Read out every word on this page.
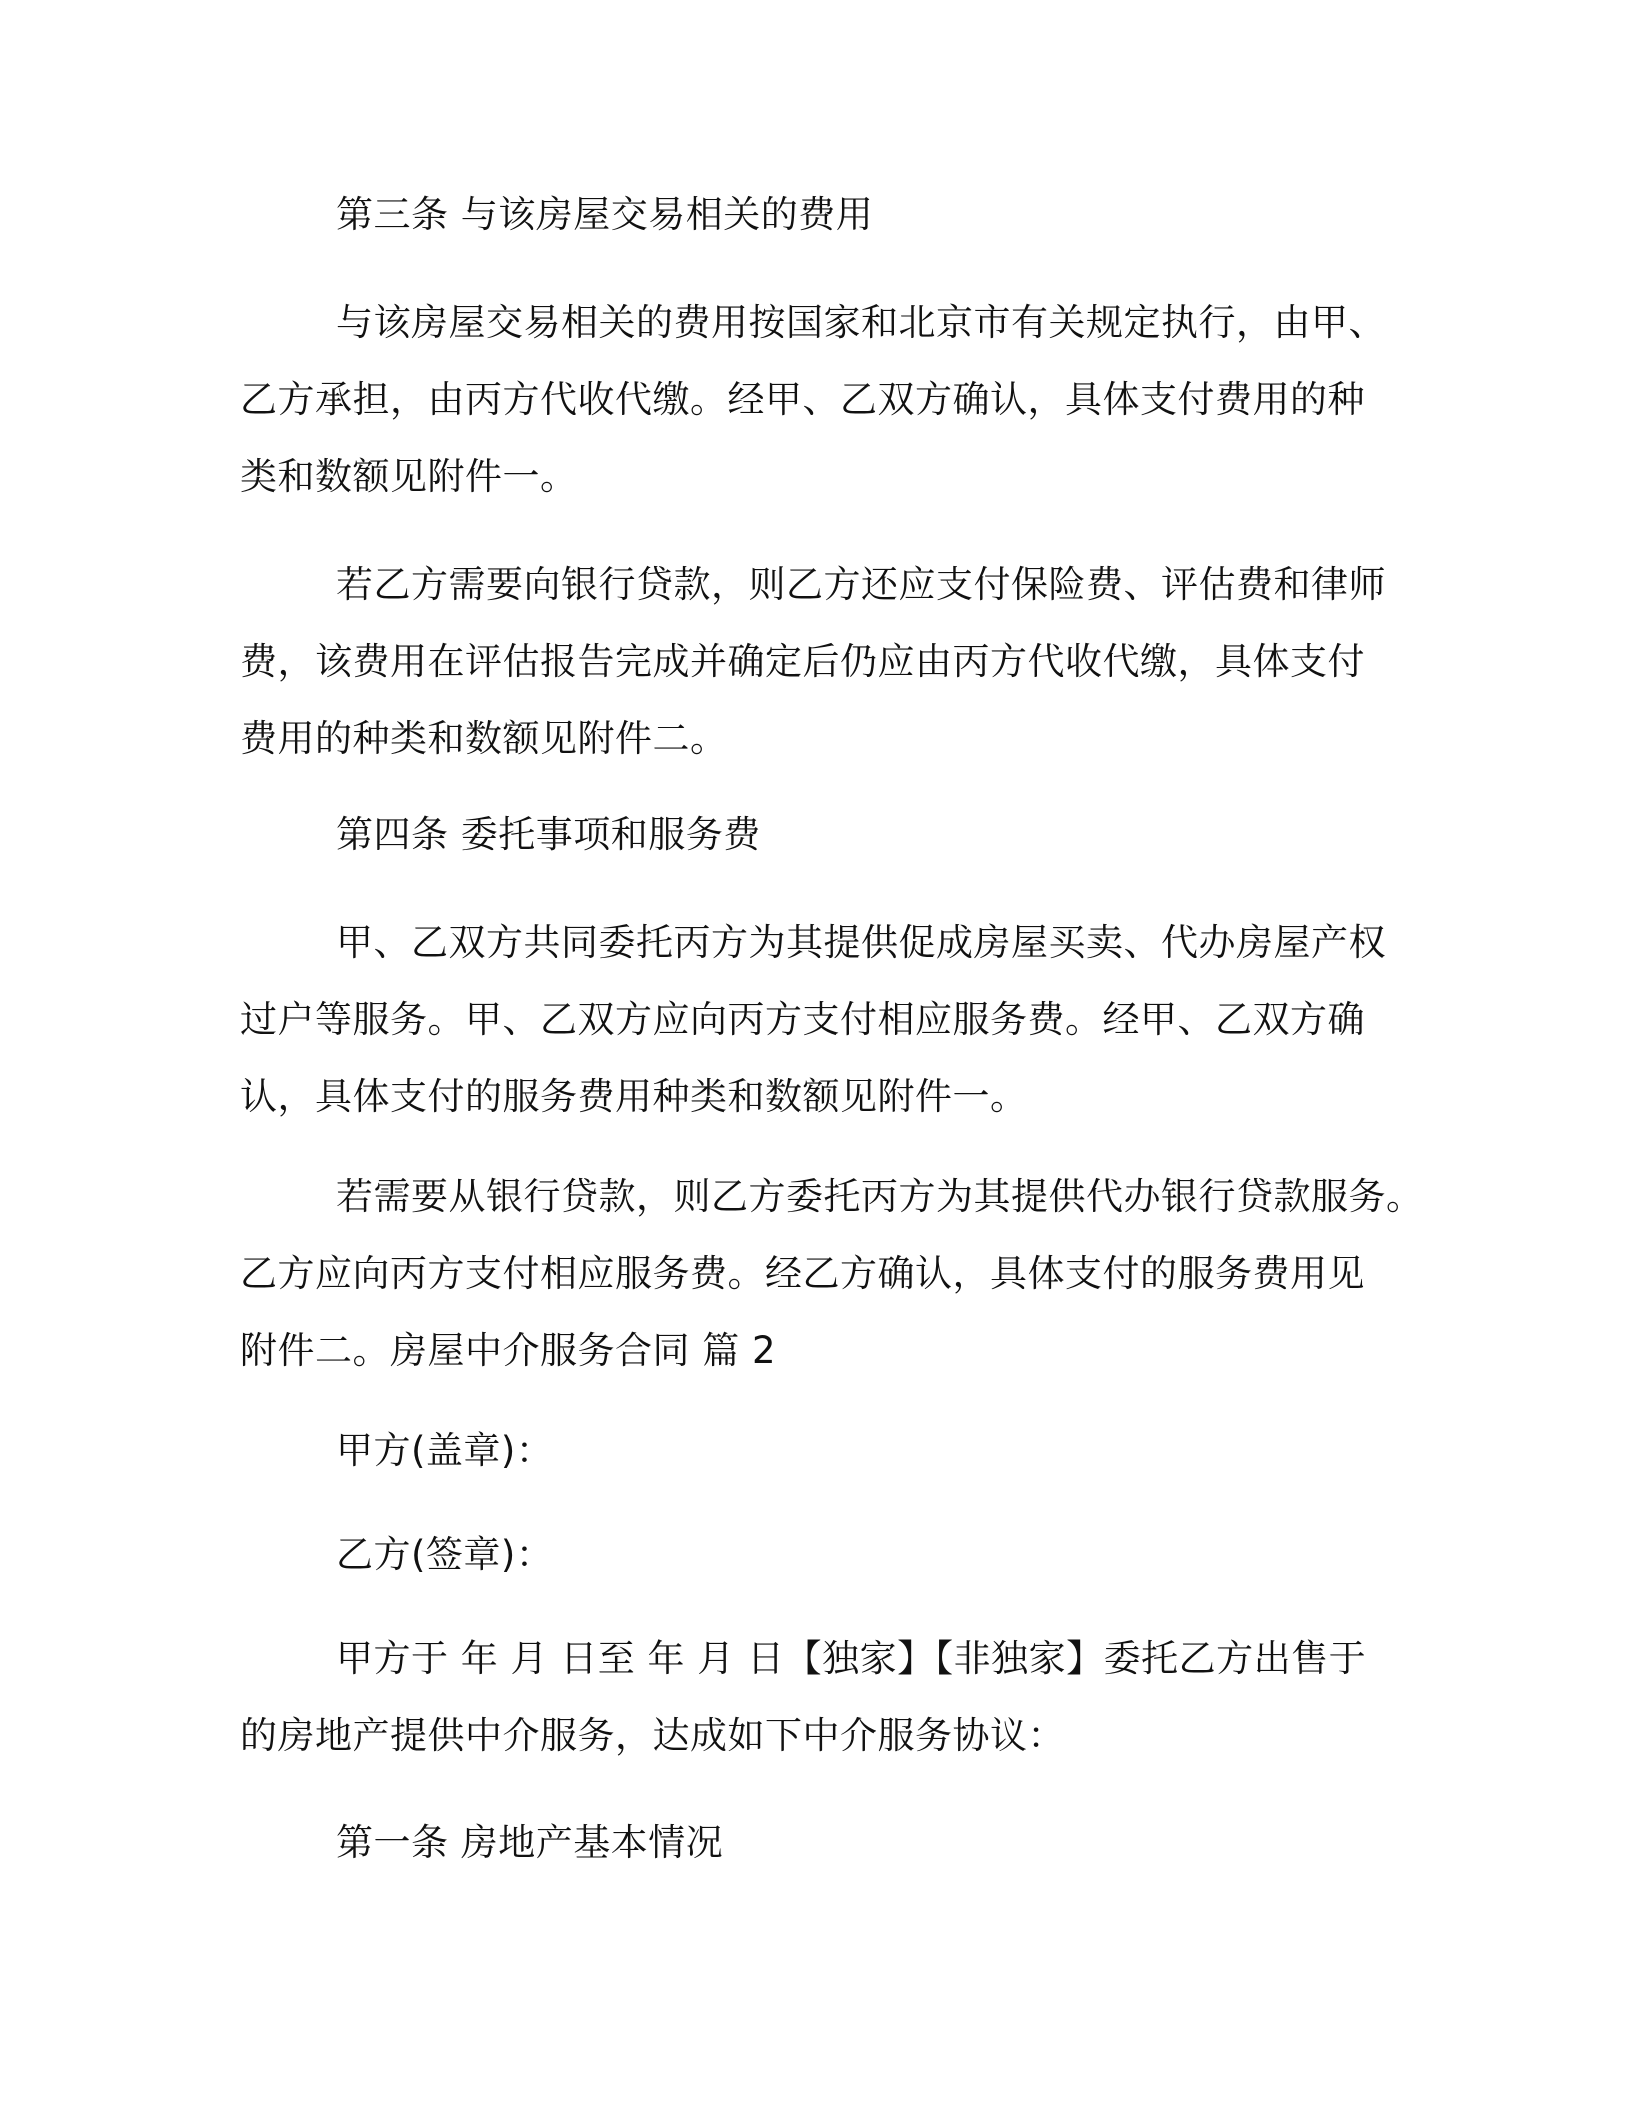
第三条 与该房屋交易相关的费用
与该房屋交易相关的费用按国家和北京市有关规定执行，由甲、
乙方承担，由丙方代收代缴。经甲、乙双方确认，具体支付费用的种
类和数额见附件一。
若乙方需要向银行贷款，则乙方还应支付保险费、评估费和律师
费，该费用在评估报告完成并确定后仍应由丙方代收代缴，具体支付
费用的种类和数额见附件二。
第四条 委托事项和服务费
甲、乙双方共同委托丙方为其提供促成房屋买卖、代办房屋产权
过户等服务。甲、乙双方应向丙方支付相应服务费。经甲、乙双方确
认，具体支付的服务费用种类和数额见附件一。
若需要从银行贷款，则乙方委托丙方为其提供代办银行贷款服务。
乙方应向丙方支付相应服务费。经乙方确认，具体支付的服务费用见
附件二。房屋中介服务合同 篇 2
甲方(盖章)：
乙方(签章)：
甲方于 年 月 日至 年 月 日【独家】【非独家】委托乙方出售于
的房地产提供中介服务，达成如下中介服务协议：
第一条 房地产基本情况
